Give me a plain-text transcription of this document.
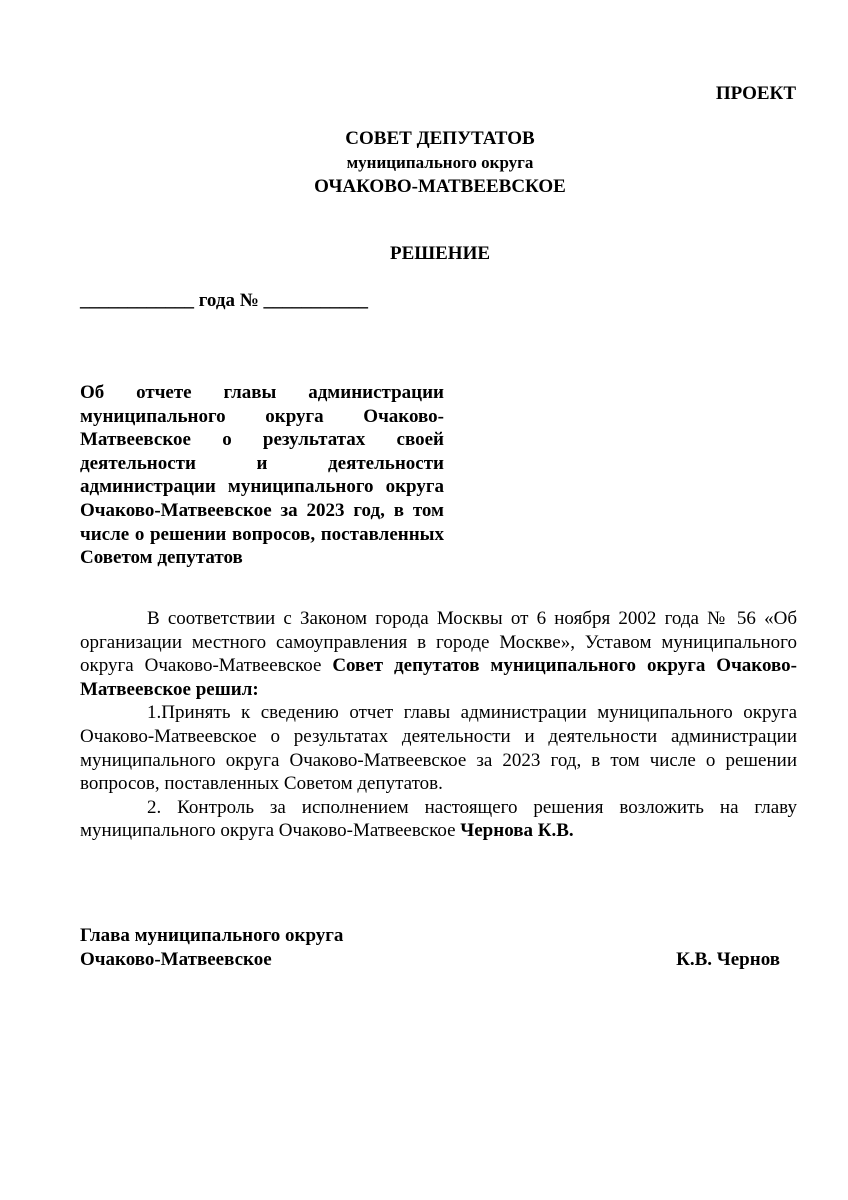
ПРОЕКТ
СОВЕТ ДЕПУТАТОВ
муниципального округа
ОЧАКОВО-МАТВЕЕВСКОЕ
РЕШЕНИЕ
____________ года № ___________
Об отчете главы администрации муниципального округа Очаково-Матвеевское о результатах своей деятельности и деятельности администрации муниципального округа Очаково-Матвеевское за 2023 год, в том числе о решении вопросов, поставленных Советом депутатов

В соответствии с Законом города Москвы от 6 ноября 2002 года № 56 «Об организации местного самоуправления в городе Москве», Уставом муниципального округа Очаково-Матвеевское Совет депутатов муниципального округа Очаково-Матвеевское решил:

1.Принять к сведению отчет главы администрации муниципального округа Очаково-Матвеевское о результатах деятельности и деятельности администрации муниципального округа Очаково-Матвеевское за 2023 год, в том числе о решении вопросов, поставленных Советом депутатов.

2. Контроль за исполнением настоящего решения возложить на главу муниципального округа Очаково-Матвеевское Чернова К.В.

Глава муниципального округа
Очаково-Матвеевское	К.В. Чернов
